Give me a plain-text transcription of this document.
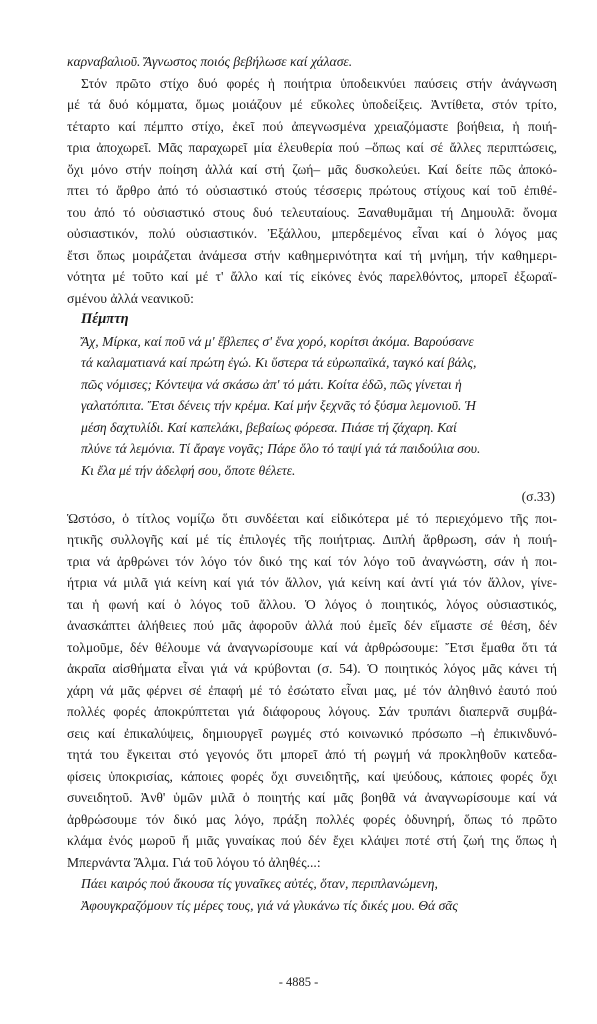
καρναβαλιοῦ. Ἄγνωστος ποιός βεβήλωσε καί χάλασε.
Στόν πρῶτο στίχο δυό φορές ἡ ποιήτρια ὑποδεικνύει παύσεις στήν ἀνάγνωση
μέ τά δυό κόμματα, ὅμως μοιάζουν μέ εὔκολες ὑποδείξεις. Ἀντίθετα, στόν τρίτο,
τέταρτο καί πέμπτο στίχο, ἐκεῖ πού ἀπεγνωσμένα χρειαζόμαστε βοήθεια, ἡ ποιή-
τρια ἀποχωρεῖ. Μᾶς παραχωρεῖ μία ἐλευθερία πού –ὅπως καί σέ ἄλλες περιπτώσεις,
ὄχι μόνο στήν ποίηση ἀλλά καί στή ζωή– μᾶς δυσκολεύει. Καί δείτε πῶς ἀποκό-
πτει τό ἄρθρο ἀπό τό οὐσιαστικό στούς τέσσερις πρώτους στίχους καί τοῦ ἐπιθέ-
του ἀπό τό οὐσιαστικό στους δυό τελευταίους. Ξαναθυμᾶμαι τή Δημουλᾶ: ὄνομα
οὐσιαστικόν, πολύ οὐσιαστικόν. Ἐξάλλου, μπερδεμένος εἶναι καί ὁ λόγος μας
ἔτσι ὅπως μοιράζεται ἀνάμεσα στήν καθημερινότητα καί τή μνήμη, τήν καθημερι-
νότητα μέ τοῦτο καί μέ τ' ἄλλο καί τίς εἰκόνες ἑνός παρελθόντος, μπορεῖ ἐξωραϊ-
σμένου ἀλλά νεανικοῦ:
Πέμπτη
Ἄχ, Μίρκα, καί ποῦ νά μ' ἔβλεπες σ' ἕνα χορό, κορίτσι ἀκόμα. Βαρούσανε
τά καλαματιανά καί πρώτη ἐγώ. Κι ὕστερα τά εὐρωπαϊκά, ταγκό καί βάλς,
πῶς νόμισες; Κόντεψα νά σκάσω ἀπ' τό μάτι. Κοίτα ἐδῶ, πῶς γίνεται ἡ
γαλατόπιτα. Ἔτσι δένεις τήν κρέμα. Καί μήν ξεχνᾶς τό ξύσμα λεμονιοῦ. Ἡ
μέση δαχτυλίδι. Καί καπελάκι, βεβαίως φόρεσα. Πιάσε τή ζάχαρη. Καί
πλύνε τά λεμόνια. Τί ἄραγε νογᾶς; Πάρε ὅλο τό ταψί γιά τά παιδούλια σου.
Κι ἔλα μέ τήν ἀδελφή σου, ὅποτε θέλετε.
(σ.33)
Ὡστόσο, ὁ τίτλος νομίζω ὅτι συνδέεται καί εἰδικότερα μέ τό περιεχόμενο τῆς ποι-
ητικῆς συλλογῆς καί μέ τίς ἐπιλογές τῆς ποιήτριας. Διπλή ἄρθρωση, σάν ἡ ποιή-
τρια νά ἀρθρώνει τόν λόγο τόν δικό της καί τόν λόγο τοῦ ἀναγνώστη, σάν ἡ ποι-
ήτρια νά μιλᾶ γιά κείνη καί γιά τόν ἄλλον, γιά κείνη καί ἀντί γιά τόν ἄλλον, γίνε-
ται ἡ φωνή καί ὁ λόγος τοῦ ἄλλου. Ὁ λόγος ὁ ποιητικός, λόγος οὐσιαστικός,
ἀνασκάπτει ἀλήθειες πού μᾶς ἀφοροῦν ἀλλά πού ἐμεῖς δέν εἴμαστε σέ θέση, δέν
τολμοῦμε, δέν θέλουμε νά ἀναγνωρίσουμε καί νά ἀρθρώσουμε: Ἔτσι ἔμαθα ὅτι τά
ἀκραῖα αἰσθήματα εἶναι γιά νά κρύβονται (σ. 54). Ὁ ποιητικός λόγος μᾶς κάνει τή
χάρη νά μᾶς φέρνει σέ ἐπαφή μέ τό ἐσώτατο εἶναι μας, μέ τόν ἀληθινό ἑαυτό πού
πολλές φορές ἀποκρύπτεται γιά διάφορους λόγους. Σάν τρυπάνι διαπερνᾶ συμβά-
σεις καί ἐπικαλύψεις, δημιουργεῖ ρωγμές στό κοινωνικό πρόσωπο –ἡ ἐπικινδυνό-
τητά του ἔγκειται στό γεγονός ὅτι μπορεῖ ἀπό τή ρωγμή νά προκληθοῦν κατεδα-
φίσεις ὑποκρισίας, κάποιες φορές ὄχι συνειδητῆς, καί ψεύδους, κάποιες φορές ὄχι
συνειδητοῦ. Ἀνθ' ὑμῶν μιλᾶ ὁ ποιητής καί μᾶς βοηθᾶ νά ἀναγνωρίσουμε καί νά
ἀρθρώσουμε τόν δικό μας λόγο, πράξη πολλές φορές ὀδυνηρή, ὅπως τό πρῶτο
κλάμα ἑνός μωροῦ ἤ μιᾶς γυναίκας πού δέν ἔχει κλάψει ποτέ στή ζωή της ὅπως ἡ
Μπερνάντα Ἄλμα. Γιά τοῦ λόγου τό ἀληθές...:
Πάει καιρός πού ἄκουσα τίς γυναῖκες αὐτές, ὅταν, περιπλανώμενη,
Ἀφουγκραζόμουν τίς μέρες τους, γιά νά γλυκάνω τίς δικές μου. Θά σᾶς
- 4885 -
